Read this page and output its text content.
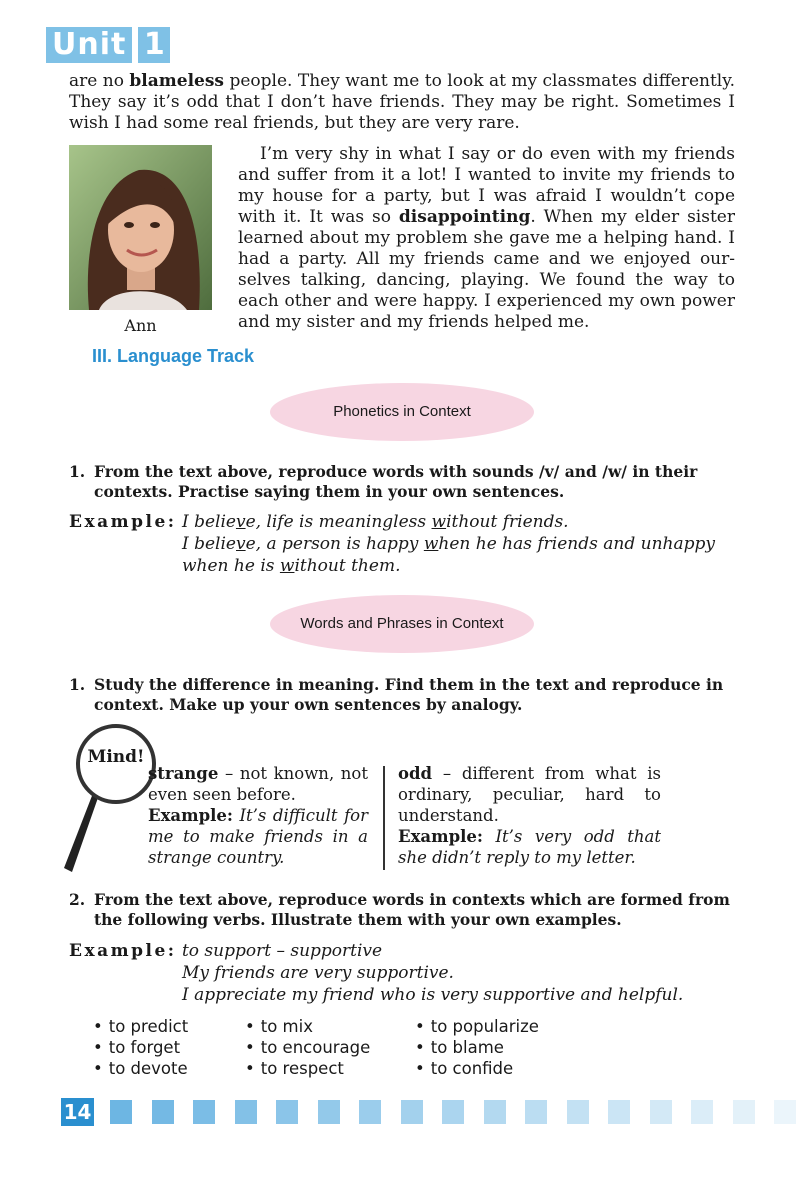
Unit 1
are no blameless people. They want me to look at my classmates differently. They say it’s odd that I don’t have friends. They may be right. Sometimes I wish I had some real friends, but they are very rare.
Ann
I’m very shy in what I say or do even with my friends and suffer from it a lot! I wanted to invite my friends to my house for a party, but I was afraid I wouldn’t cope with it. It was so disappointing. When my elder sister learned about my problem she gave me a helping hand. I had a party. All my friends came and we enjoyed ourselves talking, dancing, playing. We found the way to each other and were happy. I experienced my own power and my sister and my friends helped me.
III. Language Track
Phonetics in Context
1. From the text above, reproduce words with sounds /v/ and /w/ in their contexts. Practise saying them in your own sentences.
Example: I believe, life is meaningless without friends.
I believe, a person is happy when he has friends and unhappy
when he is without them.
Words and Phrases in Context
1. Study the difference in meaning. Find them in the text and reproduce in context. Make up your own sentences by analogy.
Mind!
strange – not known, not even seen before.
Example: It’s difficult for me to make friends in a strange country.
odd – different from what is ordinary, peculiar, hard to understand.
Example: It’s very odd that she didn’t reply to my letter.
2. From the text above, reproduce words in contexts which are formed from the following verbs. Illustrate them with your own examples.
Example: to support – supportive
My friends are very supportive.
I appreciate my friend who is very supportive and helpful.
• to predict	• to mix	• to popularize
• to forget	• to encourage	• to blame
• to devote	• to respect	• to confide
14
